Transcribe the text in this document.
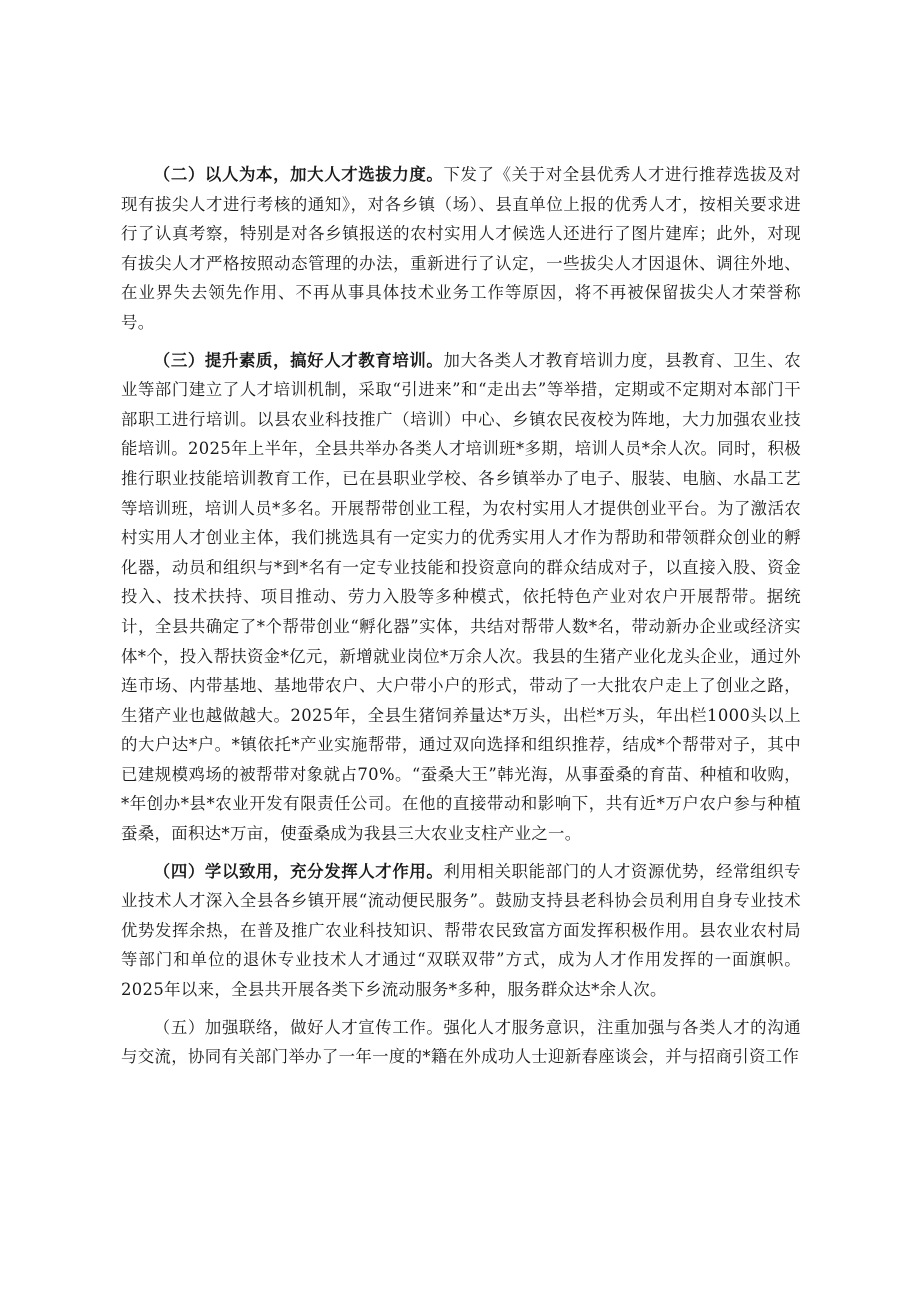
（二）以人为本，加大人才选拔力度。下发了《关于对全县优秀人才进行推荐选拔及对现有拔尖人才进行考核的通知》，对各乡镇（场）、县直单位上报的优秀人才，按相关要求进行了认真考察，特别是对各乡镇报送的农村实用人才候选人还进行了图片建库；此外，对现有拔尖人才严格按照动态管理的办法，重新进行了认定，一些拔尖人才因退休、调往外地、在业界失去领先作用、不再从事具体技术业务工作等原因，将不再被保留拔尖人才荣誉称号。

（三）提升素质，搞好人才教育培训。加大各类人才教育培训力度，县教育、卫生、农业等部门建立了人才培训机制，采取“引进来”和“走出去”等举措，定期或不定期对本部门干部职工进行培训。以县农业科技推广（培训）中心、乡镇农民夜校为阵地，大力加强农业技能培训。2025年上半年，全县共举办各类人才培训班*多期，培训人员*余人次。同时，积极推行职业技能培训教育工作，已在县职业学校、各乡镇举办了电子、服装、电脑、水晶工艺等培训班，培训人员*多名。开展帮带创业工程，为农村实用人才提供创业平台。为了激活农村实用人才创业主体，我们挑选具有一定实力的优秀实用人才作为帮助和带领群众创业的孵化器，动员和组织与*到*名有一定专业技能和投资意向的群众结成对子，以直接入股、资金投入、技术扶持、项目推动、劳力入股等多种模式，依托特色产业对农户开展帮带。据统计，全县共确定了*个帮带创业“孵化器”实体，共结对帮带人数*名，带动新办企业或经济实体*个，投入帮扶资金*亿元，新增就业岗位*万余人次。我县的生猪产业化龙头企业，通过外连市场、内带基地、基地带农户、大户带小户的形式，带动了一大批农户走上了创业之路，生猪产业也越做越大。2025年，全县生猪饲养量达*万头，出栏*万头，年出栏1000头以上的大户达*户。*镇依托*产业实施帮带，通过双向选择和组织推荐，结成*个帮带对子，其中已建规模鸡场的被帮带对象就占70%。“蚕桑大王”韩光海，从事蚕桑的育苗、种植和收购，*年创办*县*农业开发有限责任公司。在他的直接带动和影响下，共有近*万户农户参与种植蚕桑，面积达*万亩，使蚕桑成为我县三大农业支柱产业之一。

（四）学以致用，充分发挥人才作用。利用相关职能部门的人才资源优势，经常组织专业技术人才深入全县各乡镇开展“流动便民服务”。鼓励支持县老科协会员利用自身专业技术优势发挥余热，在普及推广农业科技知识、帮带农民致富方面发挥积极作用。县农业农村局等部门和单位的退休专业技术人才通过“双联双带”方式，成为人才作用发挥的一面旗帜。2025年以来，全县共开展各类下乡流动服务*多种，服务群众达*余人次。

（五）加强联络，做好人才宣传工作。强化人才服务意识，注重加强与各类人才的沟通与交流，协同有关部门举办了一年一度的*籍在外成功人士迎新春座谈会，并与招商引资工作
